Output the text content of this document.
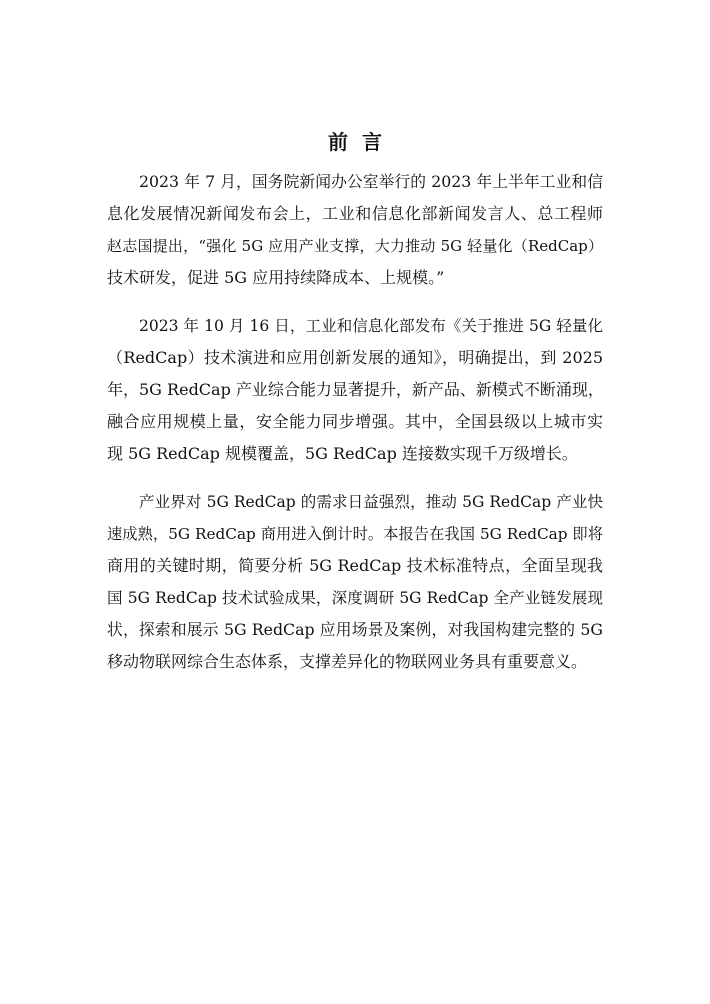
前言
2023 年 7 月，国务院新闻办公室举行的 2023 年上半年工业和信
息化发展情况新闻发布会上，工业和信息化部新闻发言人、总工程师
赵志国提出，“强化 5G 应用产业支撑，大力推动 5G 轻量化（RedCap）
技术研发，促进 5G 应用持续降成本、上规模。”
2023 年 10 月 16 日，工业和信息化部发布《关于推进 5G 轻量化
（RedCap）技术演进和应用创新发展的通知》，明确提出，到 2025
年，5G RedCap 产业综合能力显著提升，新产品、新模式不断涌现，
融合应用规模上量，安全能力同步增强。其中，全国县级以上城市实
现 5G RedCap 规模覆盖，5G RedCap 连接数实现千万级增长。
产业界对 5G RedCap 的需求日益强烈，推动 5G RedCap 产业快
速成熟，5G RedCap 商用进入倒计时。本报告在我国 5G RedCap 即将
商用的关键时期，简要分析 5G RedCap 技术标准特点，全面呈现我
国 5G RedCap 技术试验成果，深度调研 5G RedCap 全产业链发展现
状，探索和展示 5G RedCap 应用场景及案例，对我国构建完整的 5G
移动物联网综合生态体系，支撑差异化的物联网业务具有重要意义。
